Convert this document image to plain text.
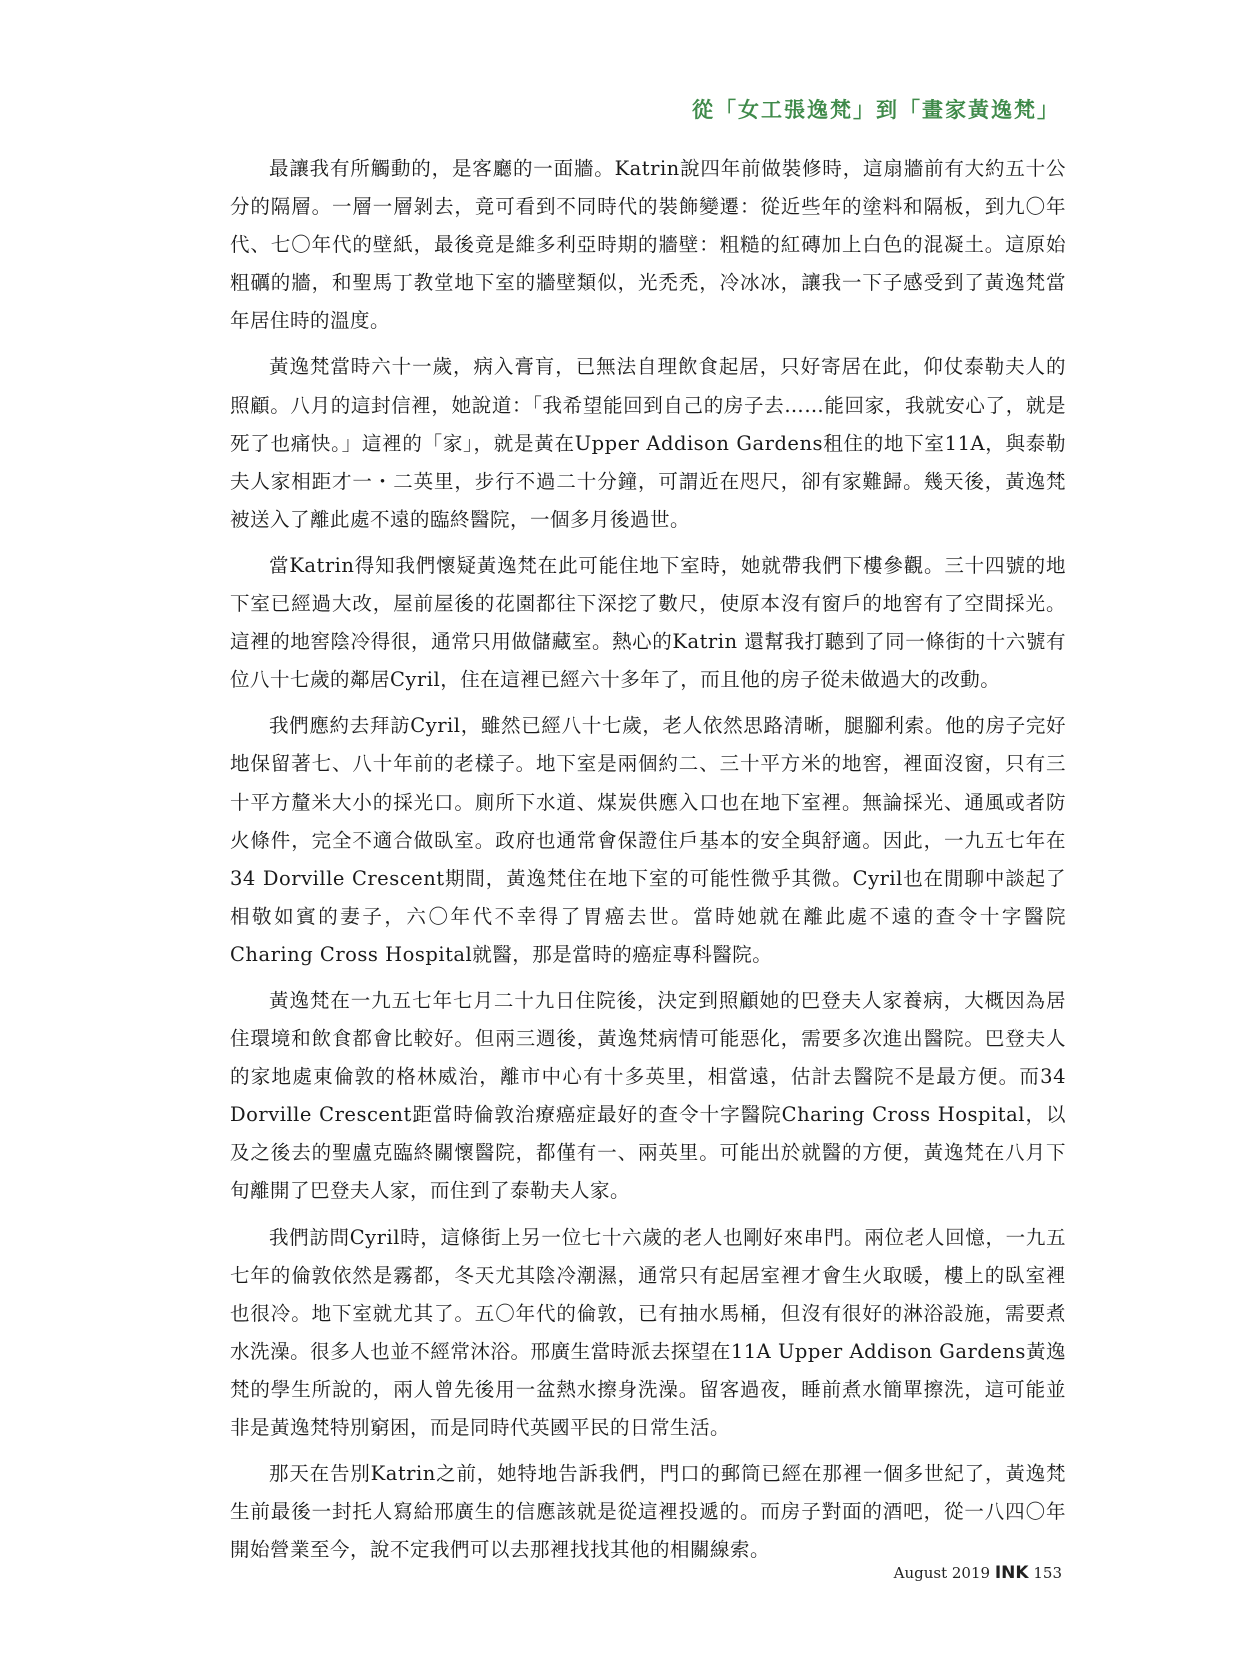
從「女工張逸梵」到「畫家黃逸梵」

最讓我有所觸動的，是客廳的一面牆。Katrin說四年前做裝修時，這扇牆前有大約五十公分的隔層。一層一層剝去，竟可看到不同時代的裝飾變遷：從近些年的塗料和隔板，到九〇年代、七〇年代的壁紙，最後竟是維多利亞時期的牆壁：粗糙的紅磚加上白色的混凝土。這原始粗礪的牆，和聖馬丁教堂地下室的牆壁類似，光禿禿，冷冰冰，讓我一下子感受到了黃逸梵當年居住時的溫度。

黃逸梵當時六十一歲，病入膏肓，已無法自理飲食起居，只好寄居在此，仰仗泰勒夫人的照顧。八月的這封信裡，她說道：「我希望能回到自己的房子去……能回家，我就安心了，就是死了也痛快。」這裡的「家」，就是黃在Upper Addison Gardens租住的地下室11A，與泰勒夫人家相距才一・二英里，步行不過二十分鐘，可謂近在咫尺，卻有家難歸。幾天後，黃逸梵被送入了離此處不遠的臨終醫院，一個多月後過世。

當Katrin得知我們懷疑黃逸梵在此可能住地下室時，她就帶我們下樓參觀。三十四號的地下室已經過大改，屋前屋後的花園都往下深挖了數尺，使原本沒有窗戶的地窖有了空間採光。這裡的地窖陰冷得很，通常只用做儲藏室。熱心的Katrin 還幫我打聽到了同一條街的十六號有位八十七歲的鄰居Cyril，住在這裡已經六十多年了，而且他的房子從未做過大的改動。

我們應約去拜訪Cyril，雖然已經八十七歲，老人依然思路清晰，腿腳利索。他的房子完好地保留著七、八十年前的老樣子。地下室是兩個約二、三十平方米的地窖，裡面沒窗，只有三十平方釐米大小的採光口。廁所下水道、煤炭供應入口也在地下室裡。無論採光、通風或者防火條件，完全不適合做臥室。政府也通常會保證住戶基本的安全與舒適。因此，一九五七年在34 Dorville Crescent期間，黃逸梵住在地下室的可能性微乎其微。Cyril也在閒聊中談起了相敬如賓的妻子，六〇年代不幸得了胃癌去世。當時她就在離此處不遠的查令十字醫院Charing Cross Hospital就醫，那是當時的癌症專科醫院。

黃逸梵在一九五七年七月二十九日住院後，決定到照顧她的巴登夫人家養病，大概因為居住環境和飲食都會比較好。但兩三週後，黃逸梵病情可能惡化，需要多次進出醫院。巴登夫人的家地處東倫敦的格林威治，離市中心有十多英里，相當遠，估計去醫院不是最方便。而34 Dorville Crescent距當時倫敦治療癌症最好的查令十字醫院Charing Cross Hospital，以及之後去的聖盧克臨終關懷醫院，都僅有一、兩英里。可能出於就醫的方便，黃逸梵在八月下旬離開了巴登夫人家，而住到了泰勒夫人家。

我們訪問Cyril時，這條街上另一位七十六歲的老人也剛好來串門。兩位老人回憶，一九五七年的倫敦依然是霧都，冬天尤其陰冷潮濕，通常只有起居室裡才會生火取暖，樓上的臥室裡也很冷。地下室就尤其了。五〇年代的倫敦，已有抽水馬桶，但沒有很好的淋浴設施，需要煮水洗澡。很多人也並不經常沐浴。邢廣生當時派去探望在11A Upper Addison Gardens黃逸梵的學生所說的，兩人曾先後用一盆熱水擦身洗澡。留客過夜，睡前煮水簡單擦洗，這可能並非是黃逸梵特別窮困，而是同時代英國平民的日常生活。

那天在告別Katrin之前，她特地告訴我們，門口的郵筒已經在那裡一個多世紀了，黃逸梵生前最後一封托人寫給邢廣生的信應該就是從這裡投遞的。而房子對面的酒吧，從一八四〇年開始營業至今，說不定我們可以去那裡找找其他的相關線索。

August 2019 INK 153
